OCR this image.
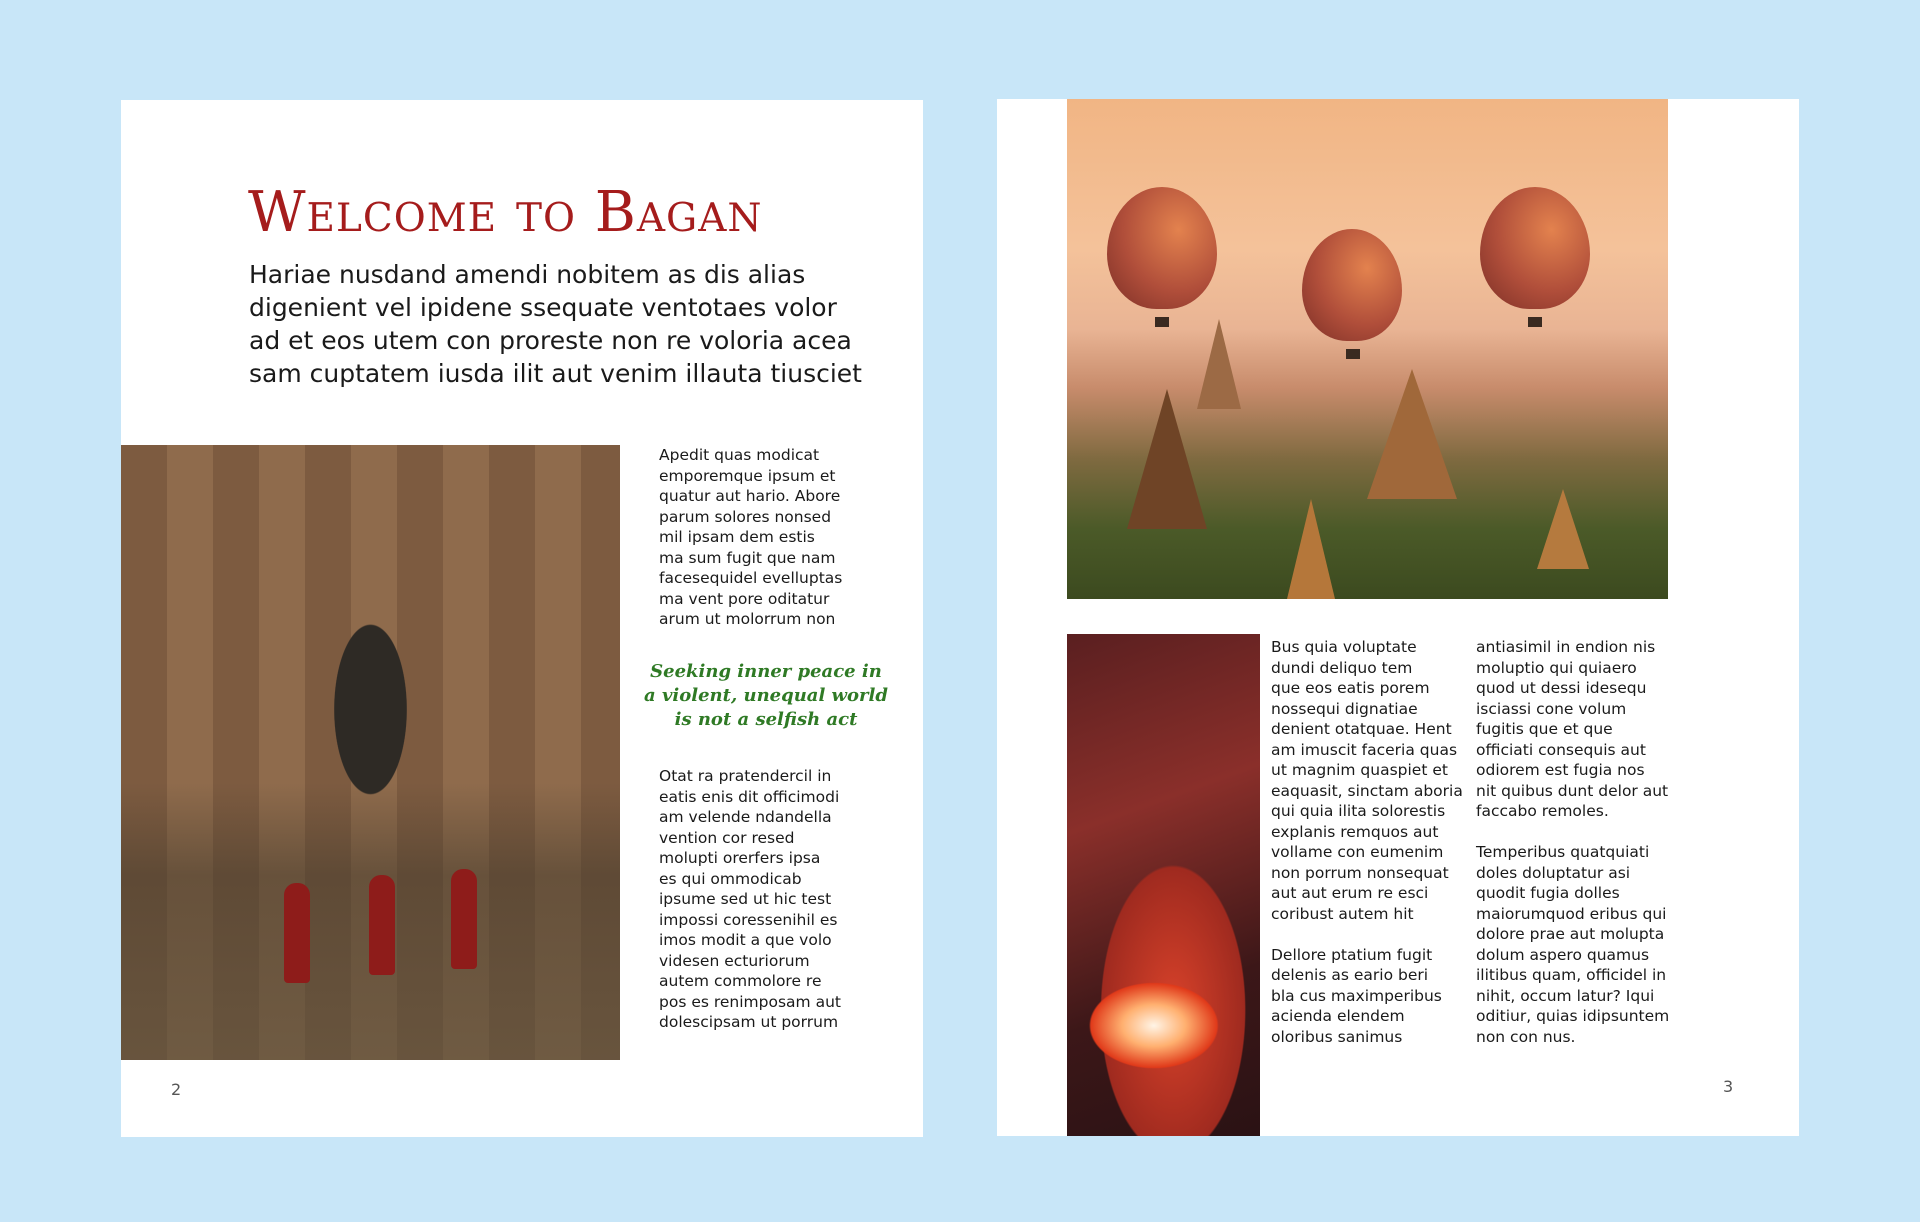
Welcome to Bagan

Hariae nusdand amendi nobitem as dis alias digenient vel ipidene ssequate ventotaes volor ad et eos utem con proreste non re voloria acea sam cuptatem iusda ilit aut venim illauta tiusciet

Apedit quas modicat
emporemque ipsum et
quatur aut hario. Abore
parum solores nonsed
mil ipsam dem estis
ma sum fugit que nam
facesequidel evelluptas
ma vent pore oditatur
arum ut molorrum non

Seeking inner peace in
a violent, unequal world
is not a selfish act

Otat ra pratendercil in
eatis enis dit officimodi
am velende ndandella
vention cor resed
molupti orerfers ipsa
es qui ommodicab
ipsume sed ut hic test
impossi coressenihil es
imos modit a que volo
videsen ecturiorum
autem commolore re
pos es renimposam aut
dolescipsam ut porrum

2

Bus quia voluptate
dundi deliquo tem
que eos eatis porem
nossequi dignatiae
denient otatquae. Hent
am imuscit faceria quas
ut magnim quaspiet et
eaquasit, sinctam aboria
qui quia ilita solorestis
explanis remquos aut
vollame con eumenim
non porrum nonsequat
aut aut erum re esci
coribust autem hit

Dellore ptatium fugit
delenis as eario beri
bla cus maximperibus
acienda elendem
oloribus sanimus

antiasimil in endion nis
moluptio qui quiaero
quod ut dessi idesequ
isciassi cone volum
fugitis que et que
officiati consequis aut
odiorem est fugia nos
nit quibus dunt delor aut
faccabo remoles.

Temperibus quatquiati
doles doluptatur asi
quodit fugia dolles
maiorumquod eribus qui
dolore prae aut molupta
dolum aspero quamus
ilitibus quam, officidel in
nihit, occum latur? Iqui
oditiur, quias idipsuntem
non con nus.

3
